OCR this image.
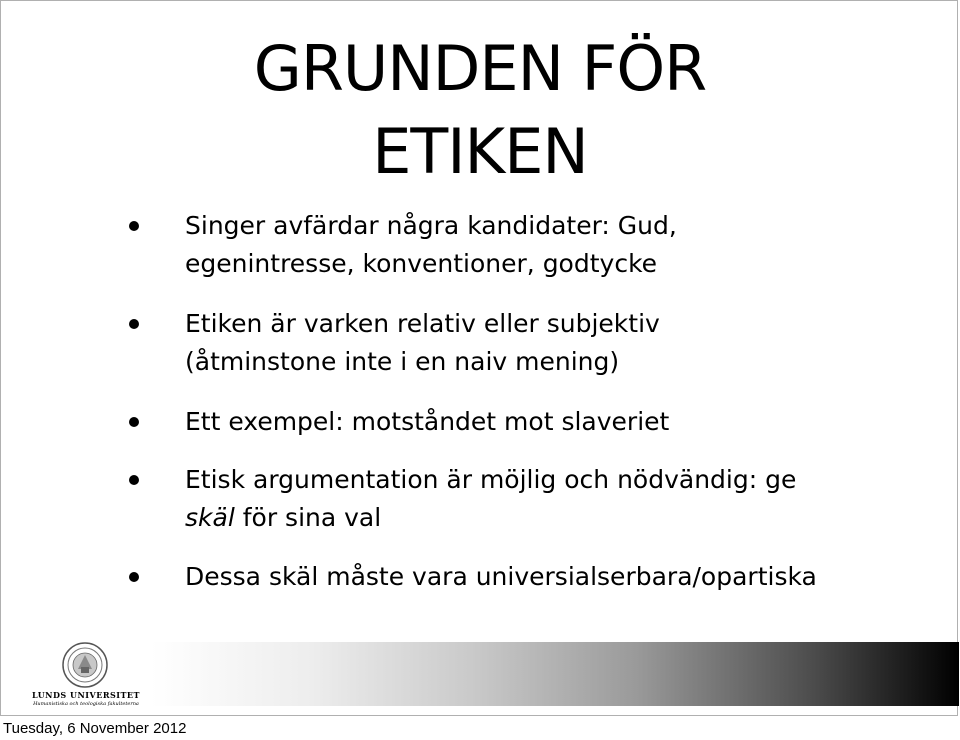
GRUNDEN FÖR
ETIKEN
Singer avfärdar några kandidater: Gud,
egenintresse, konventioner, godtycke
Etiken är varken relativ eller subjektiv
(åtminstone inte i en naiv mening)
Ett exempel: motståndet mot slaveriet
Etisk argumentation är möjlig och nödvändig: ge
skäl för sina val
Dessa skäl måste vara universialserbara/opartiska
LUNDS UNIVERSITET
Humanistiska och teologiska fakulteterna
Tuesday, 6 November 2012
